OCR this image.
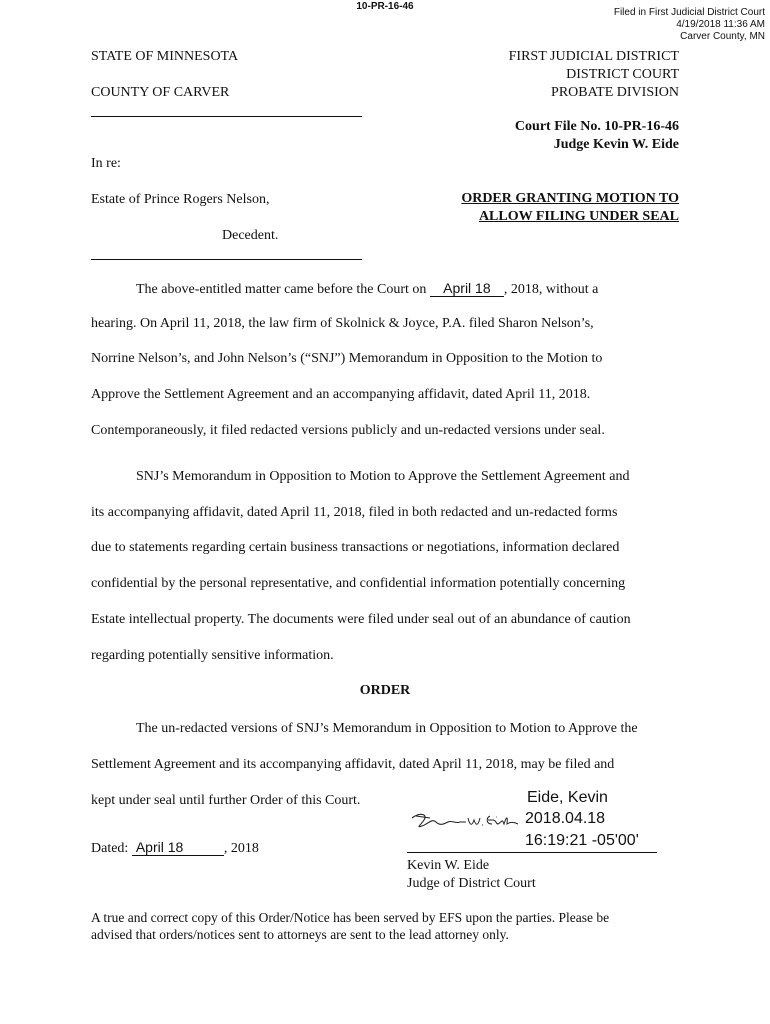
10-PR-16-46
Filed in First Judicial District Court
4/19/2018 11:36 AM
Carver County, MN
STATE OF MINNESOTA
COUNTY OF CARVER
In re:
Estate of Prince Rogers Nelson,
Decedent.
FIRST JUDICIAL DISTRICT
DISTRICT COURT
PROBATE DIVISION
Court File No. 10-PR-16-46
Judge Kevin W. Eide
ORDER GRANTING MOTION TO
ALLOW FILING UNDER SEAL
The above-entitled matter came before the Court on April 18 , 2018, without a
hearing. On April 11, 2018, the law firm of Skolnick & Joyce, P.A. filed Sharon Nelson’s,
Norrine Nelson’s, and John Nelson’s (“SNJ”) Memorandum in Opposition to the Motion to
Approve the Settlement Agreement and an accompanying affidavit, dated April 11, 2018.
Contemporaneously, it filed redacted versions publicly and un-redacted versions under seal.
SNJ’s Memorandum in Opposition to Motion to Approve the Settlement Agreement and
its accompanying affidavit, dated April 11, 2018, filed in both redacted and un-redacted forms
due to statements regarding certain business transactions or negotiations, information declared
confidential by the personal representative, and confidential information potentially concerning
Estate intellectual property. The documents were filed under seal out of an abundance of caution
regarding potentially sensitive information.
ORDER
The un-redacted versions of SNJ’s Memorandum in Opposition to Motion to Approve the
Settlement Agreement and its accompanying affidavit, dated April 11, 2018, may be filed and
kept under seal until further Order of this Court.	Eide, Kevin
2018.04.18
16:19:21 -05'00'
Dated: April 18	, 2018
Kevin W. Eide
Judge of District Court
A true and correct copy of this Order/Notice has been served by EFS upon the parties. Please be
advised that orders/notices sent to attorneys are sent to the lead attorney only.
